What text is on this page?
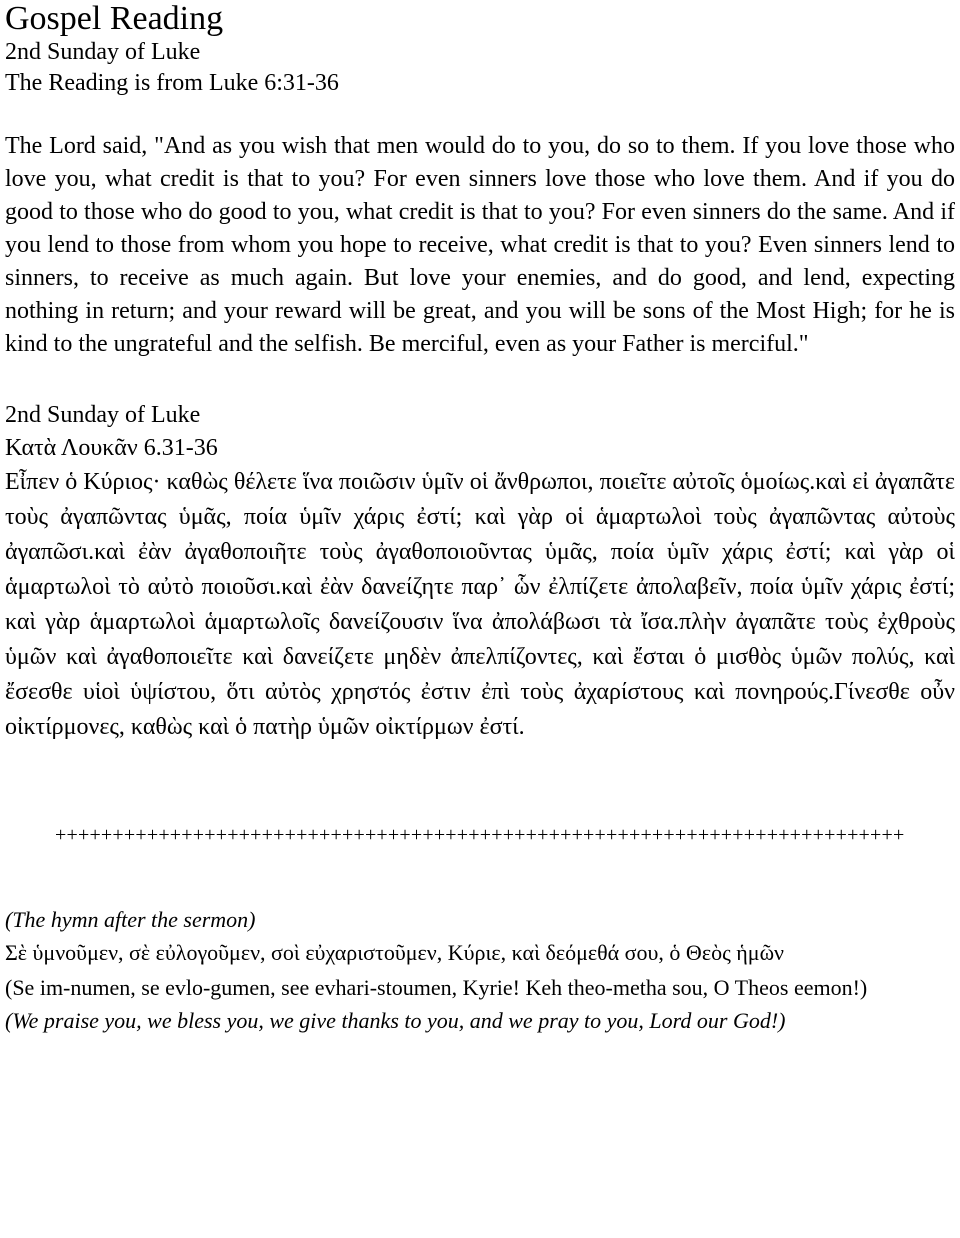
Gospel Reading

2nd Sunday of Luke

The Reading is from Luke 6:31-36

The Lord said, "And as you wish that men would do to you, do so to them. If you love those who love you, what credit is that to you? For even sinners love those who love them. And if you do good to those who do good to you, what credit is that to you? For even sinners do the same. And if you lend to those from whom you hope to receive, what credit is that to you? Even sinners lend to sinners, to receive as much again. But love your enemies, and do good, and lend, expecting nothing in return; and your reward will be great, and you will be sons of the Most High; for he is kind to the ungrateful and the selfish. Be merciful, even as your Father is merciful."

2nd Sunday of Luke

Κατὰ Λουκᾶν 6.31-36

Εἶπεν ὁ Κύριος· καθὼς θέλετε ἵνα ποιῶσιν ὑμῖν οἱ ἄνθρωποι, ποιεῖτε αὐτοῖς ὁμοίως.καὶ εἰ ἀγαπᾶτε τοὺς ἀγαπῶντας ὑμᾶς, ποία ὑμῖν χάρις ἐστί; καὶ γὰρ οἱ ἁμαρτωλοὶ τοὺς ἀγαπῶντας αὐτοὺς ἀγαπῶσι.καὶ ἐὰν ἀγαθοποιῆτε τοὺς ἀγαθοποιοῦντας ὑμᾶς, ποία ὑμῖν χάρις ἐστί; καὶ γὰρ οἱ ἁμαρτωλοὶ τὸ αὐτὸ ποιοῦσι.καὶ ἐὰν δανείζητε παρ᾽ ὧν ἐλπίζετε ἀπολαβεῖν, ποία ὑμῖν χάρις ἐστί; καὶ γὰρ ἁμαρτωλοὶ ἁμαρτωλοῖς δανείζουσιν ἵνα ἀπολάβωσι τὰ ἴσα.πλὴν ἀγαπᾶτε τοὺς ἐχθροὺς ὑμῶν καὶ ἀγαθοποιεῖτε καὶ δανείζετε μηδὲν ἀπελπίζοντες, καὶ ἔσται ὁ μισθὸς ὑμῶν πολύς, καὶ ἔσεσθε υἱοὶ ὑψίστου, ὅτι αὐτὸς χρηστός ἐστιν ἐπὶ τοὺς ἀχαρίστους καὶ πονηρούς.Γίνεσθε οὖν οἰκτίρμονες, καθὼς καὶ ὁ πατὴρ ὑμῶν οἰκτίρμων ἐστί.

++++++++++++++++++++++++++++++++++++++++++++++++++++++++++++++++++++++++++

(The hymn after the sermon)

Σὲ ὑμνοῦμεν, σὲ εὐλογοῦμεν, σοὶ εὐχαριστοῦμεν, Κύριε, καὶ δεόμεθά σου, ὁ Θεὸς ἡμῶν

(Se im-numen, se evlo-gumen, see evhari-stoumen, Kyrie! Keh theo-metha sou, O Theos eemon!)

(We praise you, we bless you, we give thanks to you, and we pray to you, Lord our God!)
